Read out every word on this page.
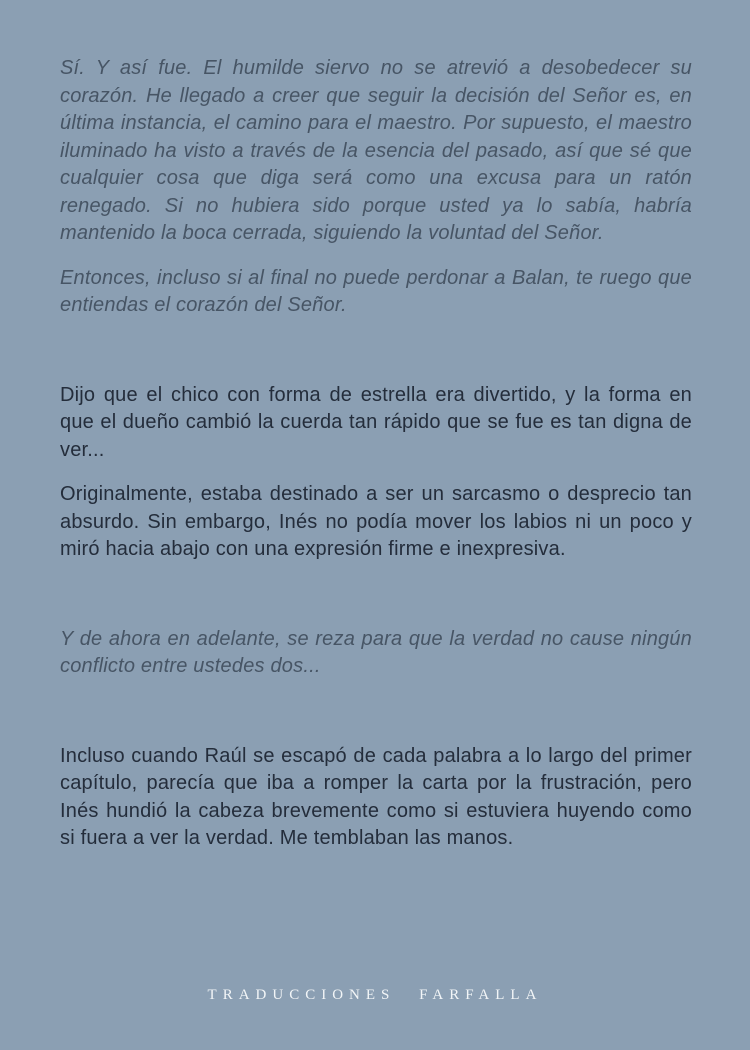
Sí. Y así fue. El humilde siervo no se atrevió a desobedecer su corazón. He llegado a creer que seguir la decisión del Señor es, en última instancia, el camino para el maestro. Por supuesto, el maestro iluminado ha visto a través de la esencia del pasado, así que sé que cualquier cosa que diga será como una excusa para un ratón renegado. Si no hubiera sido porque usted ya lo sabía, habría mantenido la boca cerrada, siguiendo la voluntad del Señor.

Entonces, incluso si al final no puede perdonar a Balan, te ruego que entiendas el corazón del Señor.

Dijo que el chico con forma de estrella era divertido, y la forma en que el dueño cambió la cuerda tan rápido que se fue es tan digna de ver...

Originalmente, estaba destinado a ser un sarcasmo o desprecio tan absurdo. Sin embargo, Inés no podía mover los labios ni un poco y miró hacia abajo con una expresión firme e inexpresiva.

Y de ahora en adelante, se reza para que la verdad no cause ningún conflicto entre ustedes dos...

Incluso cuando Raúl se escapó de cada palabra a lo largo del primer capítulo, parecía que iba a romper la carta por la frustración, pero Inés hundió la cabeza brevemente como si estuviera huyendo como si fuera a ver la verdad. Me temblaban las manos.

TRADUCCIONES FARFALLA
